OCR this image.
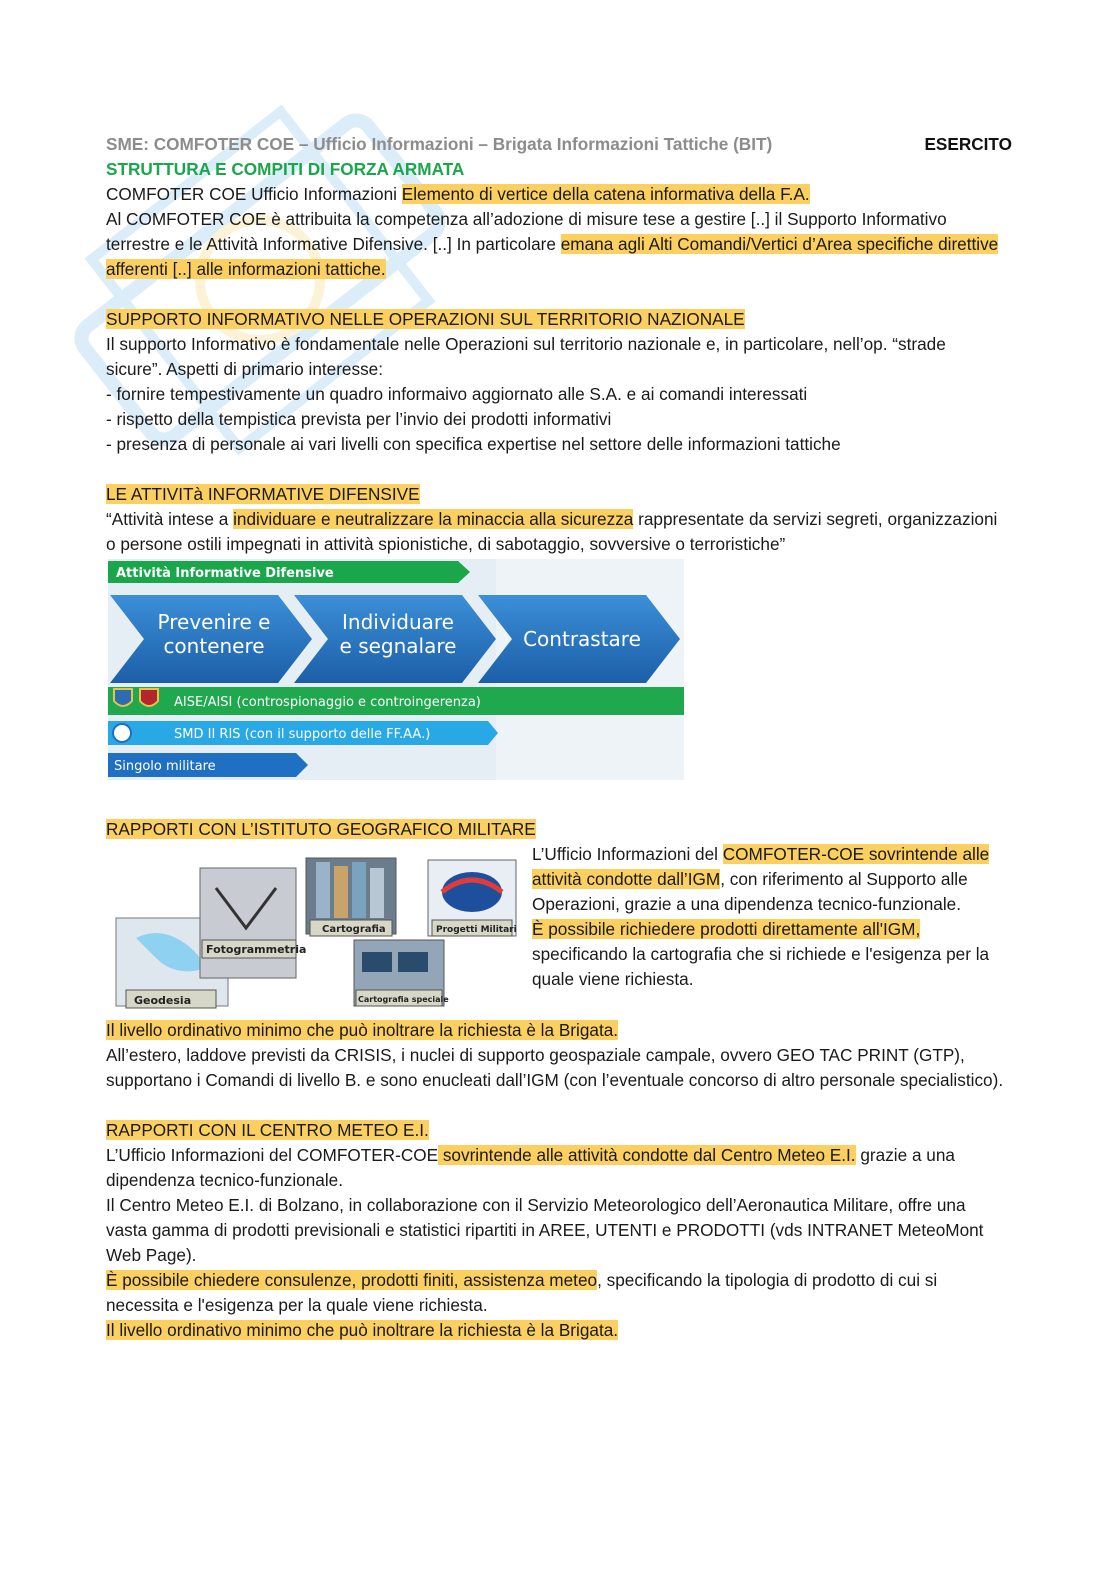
SME: COMFOTER COE – Ufficio Informazioni – Brigata Informazioni Tattiche (BIT)	ESERCITO

STRUTTURA E COMPITI DI FORZA ARMATA

COMFOTER COE Ufficio Informazioni Elemento di vertice della catena informativa della F.A.

Al COMFOTER COE è attribuita la competenza all’adozione di misure tese a gestire [..] il Supporto Informativo terrestre e le Attività Informative Difensive. [..] In particolare emana agli Alti Comandi/Vertici d’Area specifiche direttive afferenti [..] alle informazioni tattiche.

SUPPORTO INFORMATIVO NELLE OPERAZIONI SUL TERRITORIO NAZIONALE

Il supporto Informativo è fondamentale nelle Operazioni sul territorio nazionale e, in particolare, nell’op. “strade sicure”. Aspetti di primario interesse:

- fornire tempestivamente un quadro informaivo aggiornato alle S.A. e ai comandi interessati

- rispetto della tempistica prevista per l’invio dei prodotti informativi

- presenza di personale ai vari livelli con specifica expertise nel settore delle informazioni tattiche

LE ATTIVITà INFORMATIVE DIFENSIVE

“Attività intese a individuare e neutralizzare la minaccia alla sicurezza rappresentate da servizi segreti, organizzazioni o persone ostili impegnati in attività spionistiche, di sabotaggio, sovversive o terroristiche”

Attività Informative Difensive
Prevenire e
contenere
Individuare
e segnalare	Contrastare
AISE/AISI (controspionaggio e controingerenza)
SMD II RIS (con il supporto delle FF.AA.)
Singolo militare

RAPPORTI CON L’ISTITUTO GEOGRAFICO MILITARE

Geodesia
Fotogrammetria
Cartografia
Cartografia speciale
Progetti Militari

L’Ufficio Informazioni del COMFOTER-COE sovrintende alle attività condotte dall’IGM, con riferimento al Supporto alle Operazioni, grazie a una dipendenza tecnico-funzionale.

È possibile richiedere prodotti direttamente all'IGM, specificando la cartografia che si richiede e l'esigenza per la quale viene richiesta.

Il livello ordinativo minimo che può inoltrare la richiesta è la Brigata.

All’estero, laddove previsti da CRISIS, i nuclei di supporto geospaziale campale, ovvero GEO TAC PRINT (GTP), supportano i Comandi di livello B. e sono enucleati dall’IGM (con l’eventuale concorso di altro personale specialistico).

RAPPORTI CON IL CENTRO METEO E.I.

L’Ufficio Informazioni del COMFOTER-COE sovrintende alle attività condotte dal Centro Meteo E.I. grazie a una dipendenza tecnico-funzionale.

Il Centro Meteo E.I. di Bolzano, in collaborazione con il Servizio Meteorologico dell’Aeronautica Militare, offre una vasta gamma di prodotti previsionali e statistici ripartiti in AREE, UTENTI e PRODOTTI (vds INTRANET MeteoMont Web Page).

È possibile chiedere consulenze, prodotti finiti, assistenza meteo, specificando la tipologia di prodotto di cui si necessita e l'esigenza per la quale viene richiesta.

Il livello ordinativo minimo che può inoltrare la richiesta è la Brigata.
